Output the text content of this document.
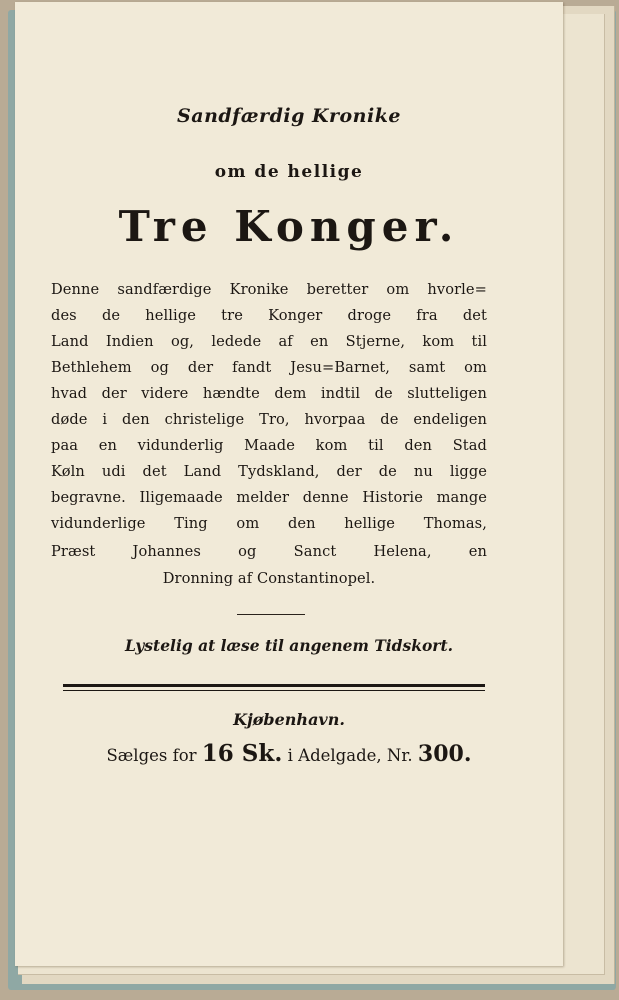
Sandfærdig Kronike
om de hellige
Tre Konger.
Denne sandfærdige Kronike beretter om hvorle=
des de hellige tre Konger droge fra det
Land Indien og, ledede af en Stjerne, kom til
Bethlehem og der fandt Jesu=Barnet, samt om
hvad der videre hændte dem indtil de slutteligen
døde i den christelige Tro, hvorpaa de endeligen
paa en vidunderlig Maade kom til den Stad
Køln udi det Land Tydskland, der de nu ligge
begravne. Iligemaade melder denne Historie mange
vidunderlige Ting om den hellige Thomas,
Præst Johannes og Sanct Helena, en
Dronning af Constantinopel.
Lystelig at læse til angenem Tidskort.
Kjøbenhavn.
Sælges for 16 Sk. i Adelgade, Nr. 300.
